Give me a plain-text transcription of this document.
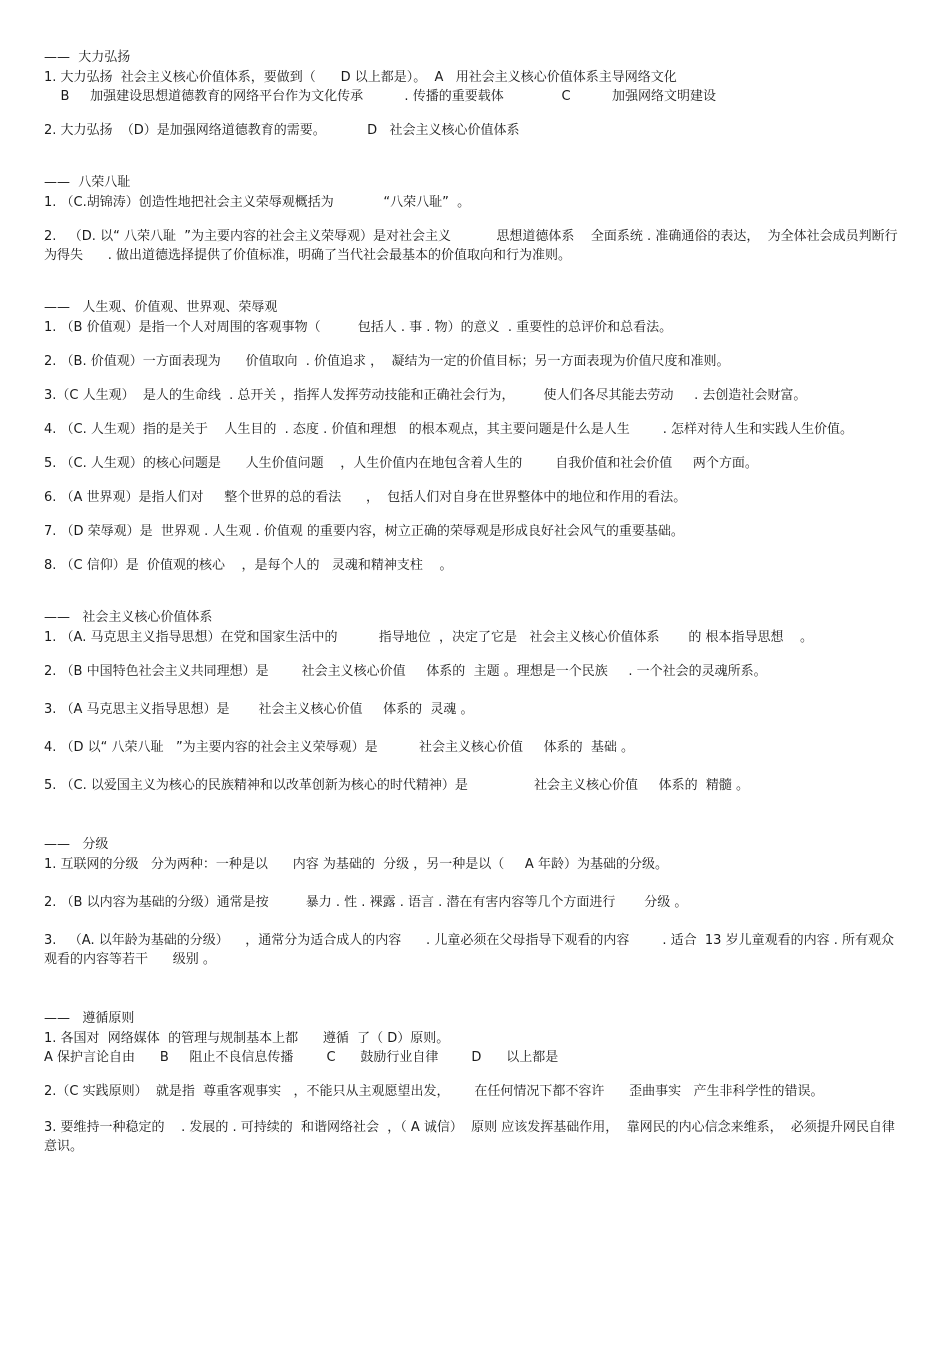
——  大力弘扬
1. 大力弘扬  社会主义核心价值体系，要做到（      D 以上都是）。  A   用社会主义核心价值体系主导网络文化
B     加强建设思想道德教育的网络平台作为文化传承          . 传播的重要载体              C          加强网络文明建设
2. 大力弘扬  （D）是加强网络道德教育的需要。          D   社会主义核心价值体系
——  八荣八耻
1. （C.胡锦涛）创造性地把社会主义荣辱观概括为            “八荣八耻”  。
2.   （D. 以“ 八荣八耻  ”为主要内容的社会主义荣辱观）是对社会主义           思想道德体系    全面系统 . 准确通俗的表达，  为全体社会成员判断行为得失      . 做出道德选择提供了价值标准，明确了当代社会最基本的价值取向和行为准则。
——   人生观、价值观、世界观、荣辱观
1. （B 价值观）是指一个人对周围的客观事物（         包括人 . 事 . 物）的意义  . 重要性的总评价和总看法。
2. （B. 价值观）一方面表现为      价值取向  . 价值追求 ，  凝结为一定的价值目标；另一方面表现为价值尺度和准则。
3.（C 人生观）  是人的生命线  . 总开关 ，指挥人发挥劳动技能和正确社会行为，       使人们各尽其能去劳动     . 去创造社会财富。
4. （C. 人生观）指的是关于    人生目的  . 态度 . 价值和理想   的根本观点，其主要问题是什么是人生        . 怎样对待人生和实践人生价值。
5. （C. 人生观）的核心问题是      人生价值问题    ，人生价值内在地包含着人生的        自我价值和社会价值     两个方面。
6. （A 世界观）是指人们对     整个世界的总的看法      ，  包括人们对自身在世界整体中的地位和作用的看法。
7. （D 荣辱观）是  世界观 . 人生观 . 价值观 的重要内容，树立正确的荣辱观是形成良好社会风气的重要基础。
8. （C 信仰）是  价值观的核心    ，是每个人的   灵魂和精神支柱    。
——   社会主义核心价值体系
1. （A. 马克思主义指导思想）在党和国家生活中的          指导地位  ，决定了它是   社会主义核心价值体系       的 根本指导思想    。
2. （B 中国特色社会主义共同理想）是        社会主义核心价值     体系的  主题 。理想是一个民族     . 一个社会的灵魂所系。
3. （A 马克思主义指导思想）是       社会主义核心价值     体系的  灵魂 。
4. （D 以“ 八荣八耻   ”为主要内容的社会主义荣辱观）是          社会主义核心价值     体系的  基础 。
5. （C. 以爱国主义为核心的民族精神和以改革创新为核心的时代精神）是                社会主义核心价值     体系的  精髓 。
——   分级
1. 互联网的分级   分为两种：一种是以      内容 为基础的  分级 ，另一种是以（     A 年龄）为基础的分级。
2. （B 以内容为基础的分级）通常是按         暴力 . 性 . 裸露 . 语言 . 潜在有害内容等几个方面进行       分级 。
3.   （A. 以年龄为基础的分级）    ，通常分为适合成人的内容      . 儿童必须在父母指导下观看的内容        . 适合  13 岁儿童观看的内容 . 所有观众观看的内容等若干      级别 。
——   遵循原则
1. 各国对  网络媒体  的管理与规制基本上都      遵循  了（ D）原则。
A 保护言论自由      B     阻止不良信息传播        C      鼓励行业自律        D      以上都是
2.（C 实践原则）  就是指  尊重客观事实   ，不能只从主观愿望出发，      在任何情况下都不容许      歪曲事实   产生非科学性的错误。
3. 要维持一种稳定的    . 发展的 . 可持续的  和谐网络社会  ，（ A 诚信）  原则 应该发挥基础作用，  靠网民的内心信念来维系，  必须提升网民自律意识。
